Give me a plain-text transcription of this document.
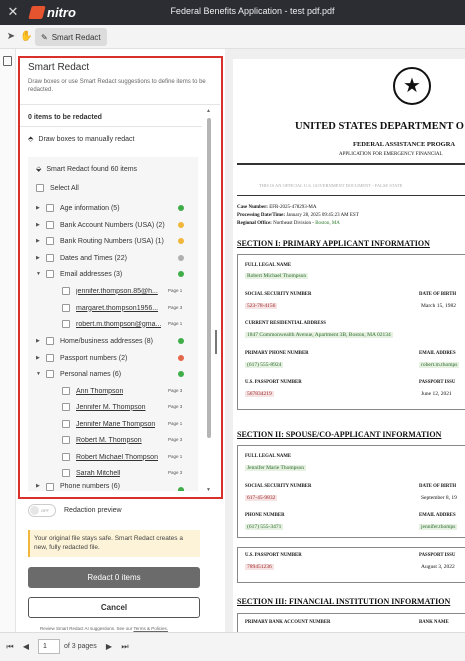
✕ nitro	Federal Benefits Application - test pdf.pdf
➤ ✋ ✎ Smart Redact
Smart Redact
Draw boxes or use Smart Redact suggestions to define items to be redacted.
0 items to be redacted
⬘ Draw boxes to manually redact
⬙ Smart Redact found 60 items
Select All
▶	Age information (5)
▶	Bank Account Numbers (USA) (2)
▶	Bank Routing Numbers (USA) (1)
▶	Dates and Times (22)
▼	Email addresses (3)
jennifer.thompson.85@h... Page 1
margaret.thompson1956... Page 3
robert.m.thompson@gma... Page 1
▶	Home/business addresses (8)
▶	Passport numbers (2)
▼	Personal names (6)
Ann Thompson	Page 3
Jennifer M. Thompson	Page 3
Jennifer Marie Thompson	Page 1
Robert M. Thompson	Page 3
Robert Michael Thompson Page 1
Sarah Mitchell	Page 3
▶	Phone numbers (6)
▲
▼
OFF	Redaction preview
Your original file stays safe. Smart Redact creates a new, fully redacted file.
Redact 0 items
Cancel
Review Smart Redact AI suggestions. See our Terms & Policies.
★
UNITED STATES DEPARTMENT O
FEDERAL ASSISTANCE PROGRA
APPLICATION FOR EMERGENCY FINANCIAL
THIS IS AN OFFICIAL U.S. GOVERNMENT DOCUMENT - FALSE STATE
Case Number: EFR-2025-478293-MA
Processing Date/Time: January 28, 2025 09:45:23 AM EST
Regional Office: Northeast Division - Boston, MA
SECTION I: PRIMARY APPLICANT INFORMATION
FULL LEGAL NAME
Robert Michael Thompson
SOCIAL SECURITY NUMBER
523-78-4156
DATE OF BIRTH
March 15, 1982
CURRENT RESIDENTIAL ADDRESS
1847 Commonwealth Avenue, Apartment 3B, Boston, MA 02134
PRIMARY PHONE NUMBER
(617) 555-8924
EMAIL ADDRES
robert.m.thomps
U.S. PASSPORT NUMBER
567834219
PASSPORT ISSU
June 12, 2021
SECTION II: SPOUSE/CO-APPLICANT INFORMATION
FULL LEGAL NAME
Jennifer Marie Thompson
SOCIAL SECURITY NUMBER
617-45-9832
DATE OF BIRTH
September 8, 19
PHONE NUMBER
(617) 555-3471
EMAIL ADDRES
jennifer.thomps
U.S. PASSPORT NUMBER
789451236
PASSPORT ISSU
August 3, 2022
SECTION III: FINANCIAL INSTITUTION INFORMATION
PRIMARY BANK ACCOUNT NUMBER	BANK NAME
⏮ ◀	1	of 3 pages ▶ ⏭
